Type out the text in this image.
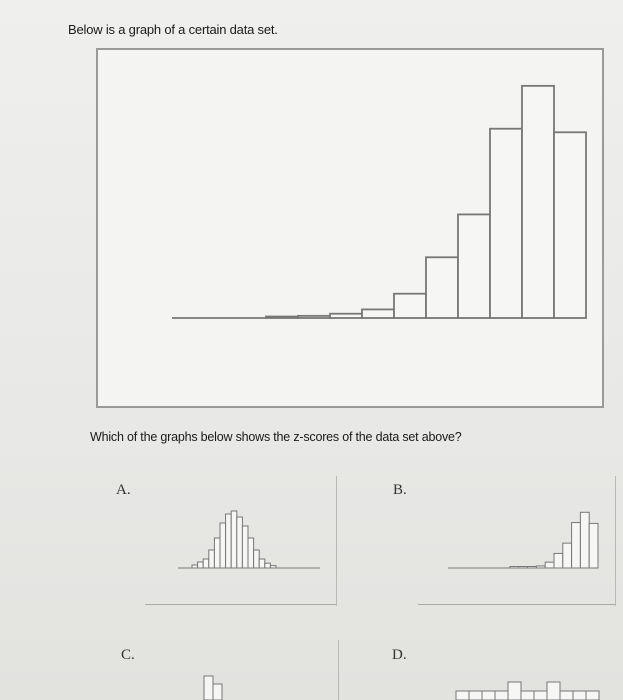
Below is a graph of a certain data set.
Which of the graphs below shows the z-scores of the data set above?
A.	B.
C.	D.
